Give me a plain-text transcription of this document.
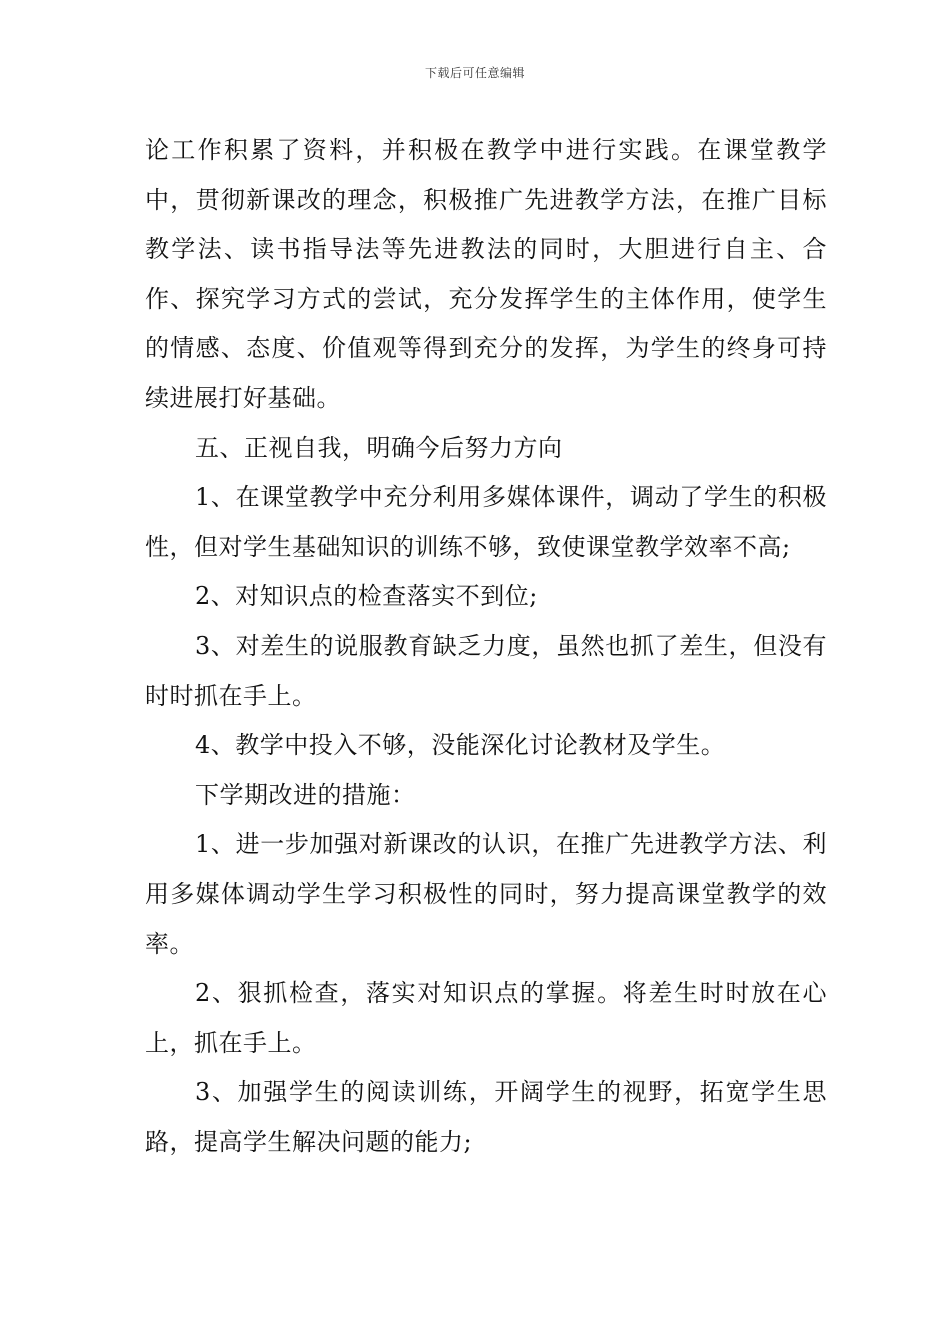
下载后可任意编辑

论工作积累了资料，并积极在教学中进行实践。在课堂教学中，贯彻新课改的理念，积极推广先进教学方法，在推广目标教学法、读书指导法等先进教法的同时，大胆进行自主、合作、探究学习方式的尝试，充分发挥学生的主体作用，使学生的情感、态度、价值观等得到充分的发挥，为学生的终身可持续进展打好基础。

五、正视自我，明确今后努力方向

1、在课堂教学中充分利用多媒体课件，调动了学生的积极性，但对学生基础知识的训练不够，致使课堂教学效率不高;

2、对知识点的检查落实不到位;

3、对差生的说服教育缺乏力度，虽然也抓了差生，但没有时时抓在手上。

4、教学中投入不够，没能深化讨论教材及学生。

下学期改进的措施：

1、进一步加强对新课改的认识，在推广先进教学方法、利用多媒体调动学生学习积极性的同时，努力提高课堂教学的效率。

2、狠抓检查，落实对知识点的掌握。将差生时时放在心上，抓在手上。

3、加强学生的阅读训练，开阔学生的视野，拓宽学生思路，提高学生解决问题的能力;
